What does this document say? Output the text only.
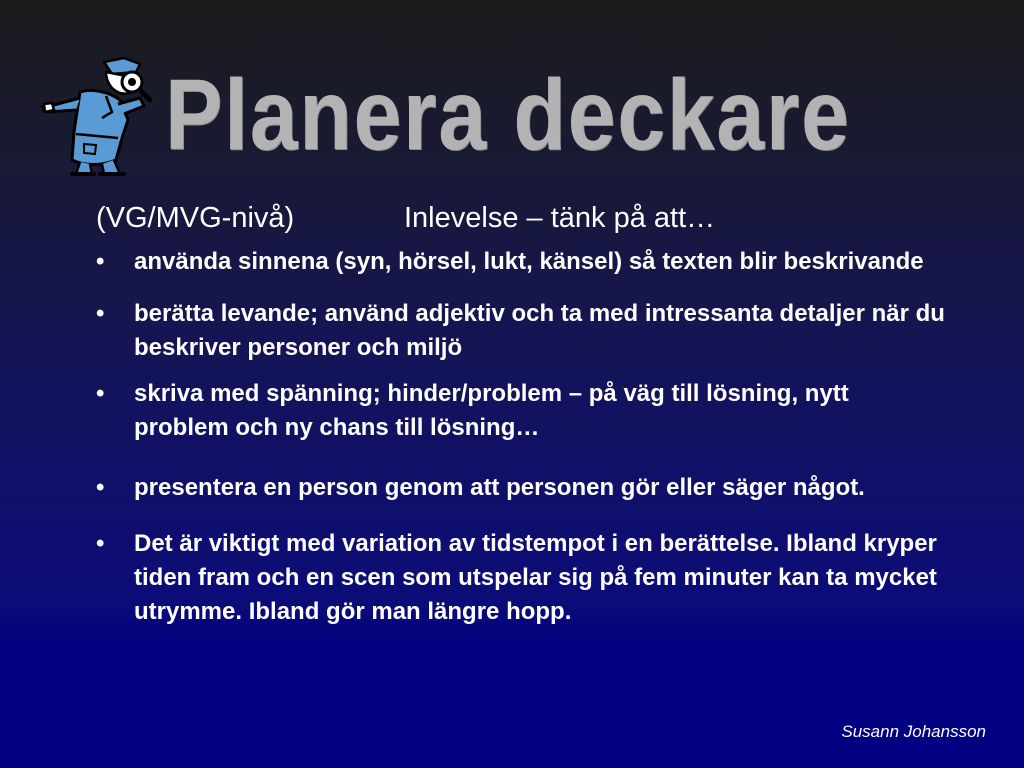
Planera deckare
(VG/MVG-nivå)	Inlevelse – tänk på att…
• använda sinnena (syn, hörsel, lukt, känsel) så texten blir beskrivande
• berätta levande; använd adjektiv och ta med intressanta detaljer när du beskriver personer och miljö
• skriva med spänning; hinder/problem – på väg till lösning, nytt problem och ny chans till lösning…
• presentera en person genom att personen gör eller säger något.
• Det är viktigt med variation av tidstempot i en berättelse. Ibland kryper tiden fram och en scen som utspelar sig på fem minuter kan ta mycket utrymme. Ibland gör man längre hopp.
Susann Johansson
